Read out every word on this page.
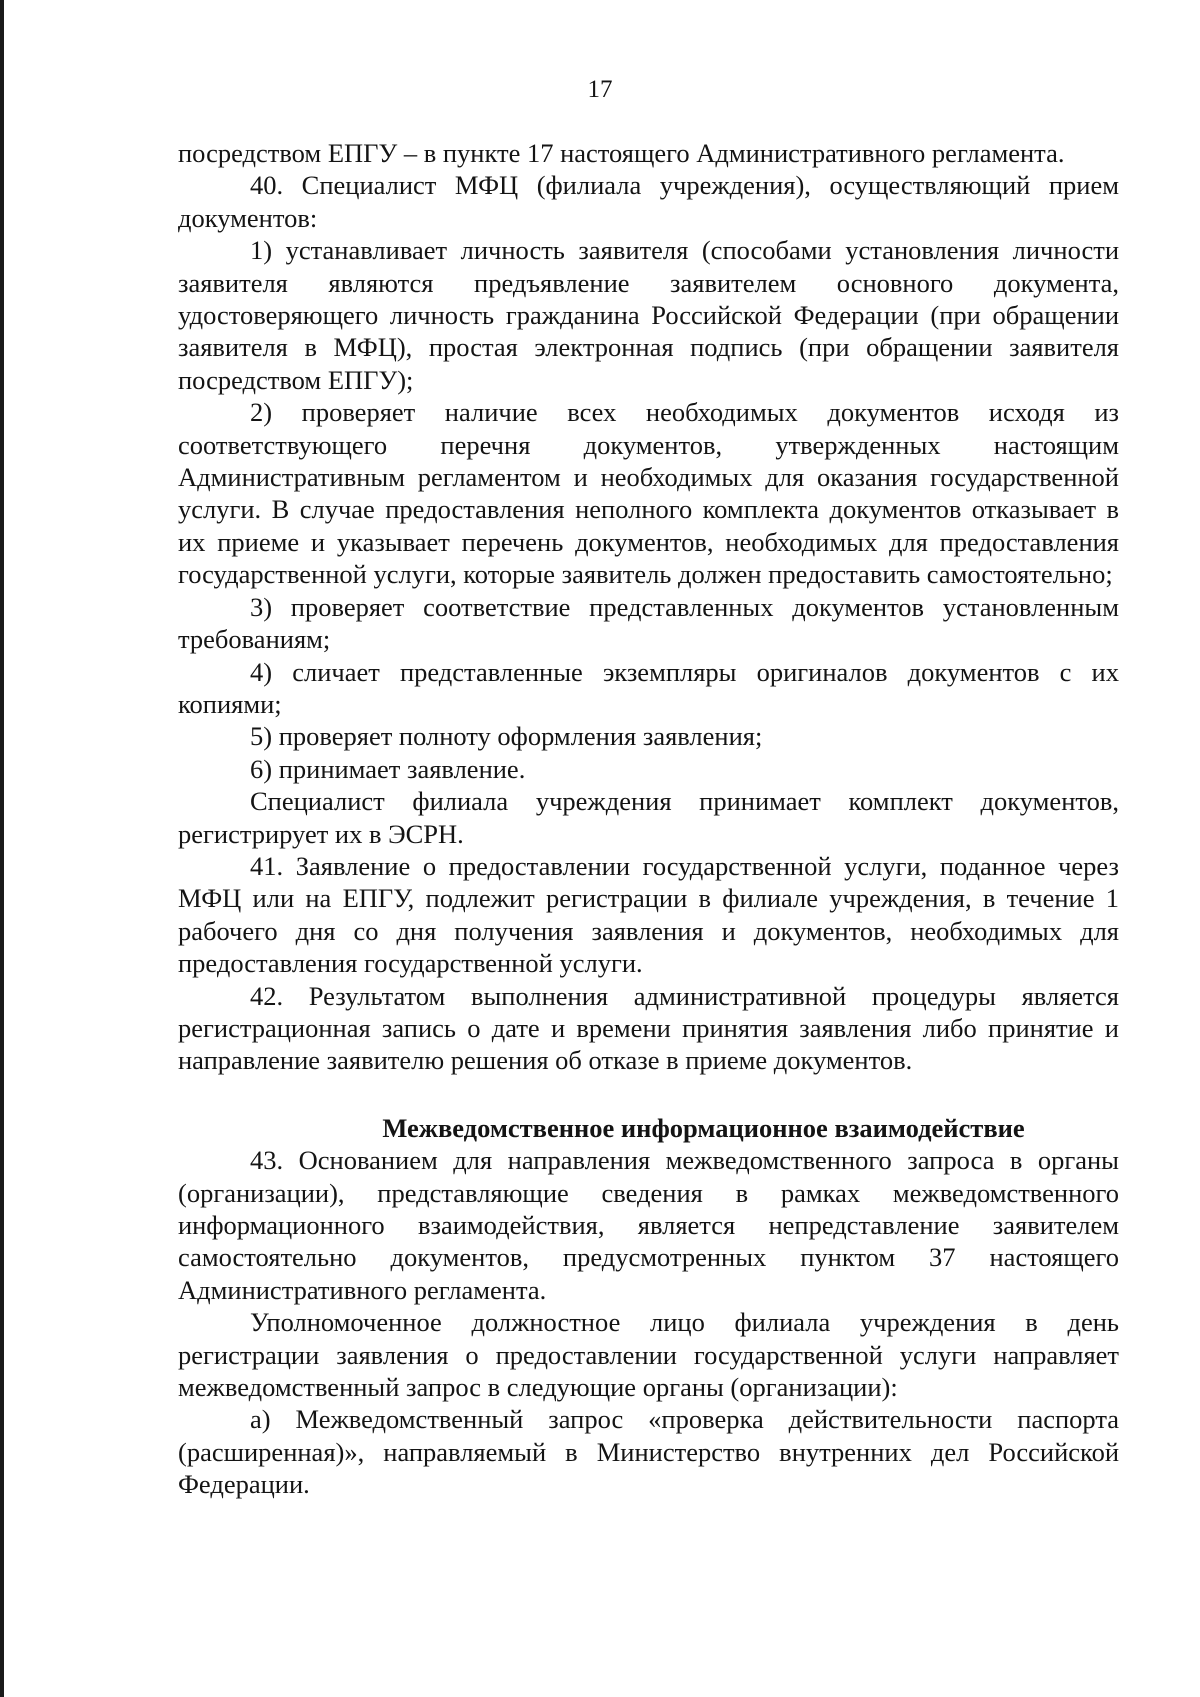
17

посредством ЕПГУ – в пункте 17 настоящего Административного регламента.

40. Специалист МФЦ (филиала учреждения), осуществляющий прием документов:

1) устанавливает личность заявителя (способами установления личности заявителя являются предъявление заявителем основного документа, удостоверяющего личность гражданина Российской Федерации (при обращении заявителя в МФЦ), простая электронная подпись (при обращении заявителя посредством ЕПГУ);

2) проверяет наличие всех необходимых документов исходя из соответствующего перечня документов, утвержденных настоящим Административным регламентом и необходимых для оказания государственной услуги. В случае предоставления неполного комплекта документов отказывает в их приеме и указывает перечень документов, необходимых для предоставления государственной услуги, которые заявитель должен предоставить самостоятельно;

3) проверяет соответствие представленных документов установленным требованиям;

4) сличает представленные экземпляры оригиналов документов с их копиями;

5) проверяет полноту оформления заявления;

6) принимает заявление.

Специалист филиала учреждения принимает комплект документов, регистрирует их в ЭСРН.

41. Заявление о предоставлении государственной услуги, поданное через МФЦ или на ЕПГУ, подлежит регистрации в филиале учреждения, в течение 1 рабочего дня со дня получения заявления и документов, необходимых для предоставления государственной услуги.

42. Результатом выполнения административной процедуры является регистрационная запись о дате и времени принятия заявления либо принятие и направление заявителю решения об отказе в приеме документов.

Межведомственное информационное взаимодействие

43. Основанием для направления межведомственного запроса в органы (организации), представляющие сведения в рамках межведомственного информационного взаимодействия, является непредставление заявителем самостоятельно документов, предусмотренных пунктом 37 настоящего Административного регламента.

Уполномоченное должностное лицо филиала учреждения в день регистрации заявления о предоставлении государственной услуги направляет межведомственный запрос в следующие органы (организации):

а) Межведомственный запрос «проверка действительности паспорта (расширенная)», направляемый в Министерство внутренних дел Российской Федерации.
